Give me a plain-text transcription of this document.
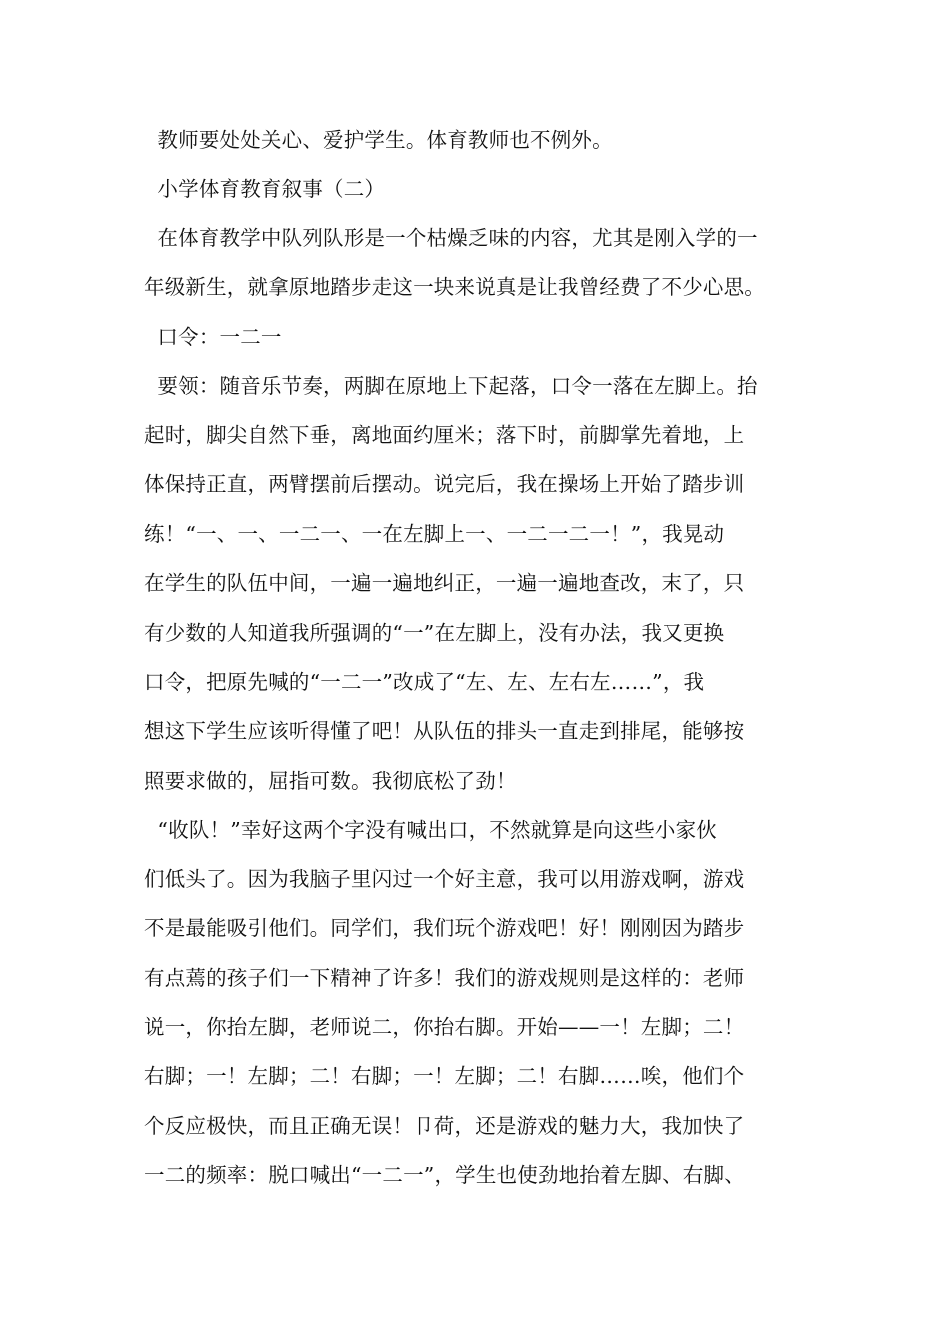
教师要处处关心、爱护学生。体育教师也不例外。
小学体育教育叙事（二）
在体育教学中队列队形是一个枯燥乏味的内容，尤其是刚入学的一
年级新生，就拿原地踏步走这一块来说真是让我曾经费了不少心思。
口令：一二一
要领：随音乐节奏，两脚在原地上下起落，口令一落在左脚上。抬
起时，脚尖自然下垂，离地面约厘米；落下时，前脚掌先着地，上
体保持正直，两臂摆前后摆动。说完后，我在操场上开始了踏步训
练！“一、一、一二一、一在左脚上一、一二一二一！”，我晃动
在学生的队伍中间，一遍一遍地纠正，一遍一遍地查改，末了，只
有少数的人知道我所强调的“一”在左脚上，没有办法，我又更换
口令，把原先喊的“一二一”改成了“左、左、左右左……”，我
想这下学生应该听得懂了吧！从队伍的排头一直走到排尾，能够按
照要求做的，屈指可数。我彻底松了劲！
“收队！”幸好这两个字没有喊出口，不然就算是向这些小家伙
们低头了。因为我脑子里闪过一个好主意，我可以用游戏啊，游戏
不是最能吸引他们。同学们，我们玩个游戏吧！好！刚刚因为踏步
有点蔫的孩子们一下精神了许多！我们的游戏规则是这样的：老师
说一，你抬左脚，老师说二，你抬右脚。开始——一！左脚；二！
右脚；一！左脚；二！右脚；一！左脚；二！右脚……唉，他们个
个反应极快，而且正确无误！卩荷，还是游戏的魅力大，我加快了
一二的频率：脱口喊出“一二一”，学生也使劲地抬着左脚、右脚、
